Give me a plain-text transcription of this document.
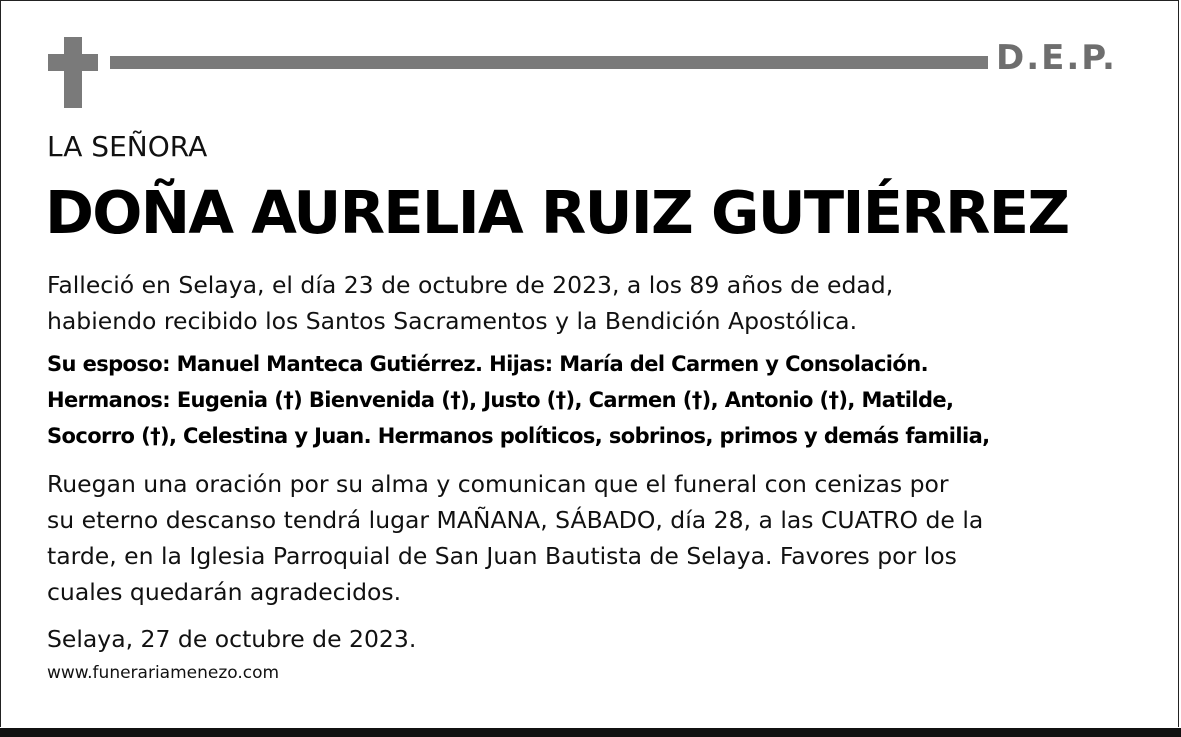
D.E.P.
LA SEÑORA
DOÑA AURELIA RUIZ GUTIÉRREZ
Falleció en Selaya, el día 23 de octubre de 2023, a los 89 años de edad,
habiendo recibido los Santos Sacramentos y la Bendición Apostólica.
Su esposo: Manuel Manteca Gutiérrez. Hijas: María del Carmen y Consolación.
Hermanos: Eugenia (†) Bienvenida (†), Justo (†), Carmen (†), Antonio (†), Matilde,
Socorro (†), Celestina y Juan. Hermanos políticos, sobrinos, primos y demás familia,
Ruegan una oración por su alma y comunican que el funeral con cenizas por
su eterno descanso tendrá lugar MAÑANA, SÁBADO, día 28, a las CUATRO de la
tarde, en la Iglesia Parroquial de San Juan Bautista de Selaya. Favores por los
cuales quedarán agradecidos.
Selaya, 27 de octubre de 2023.
www.funerariamenezo.com
